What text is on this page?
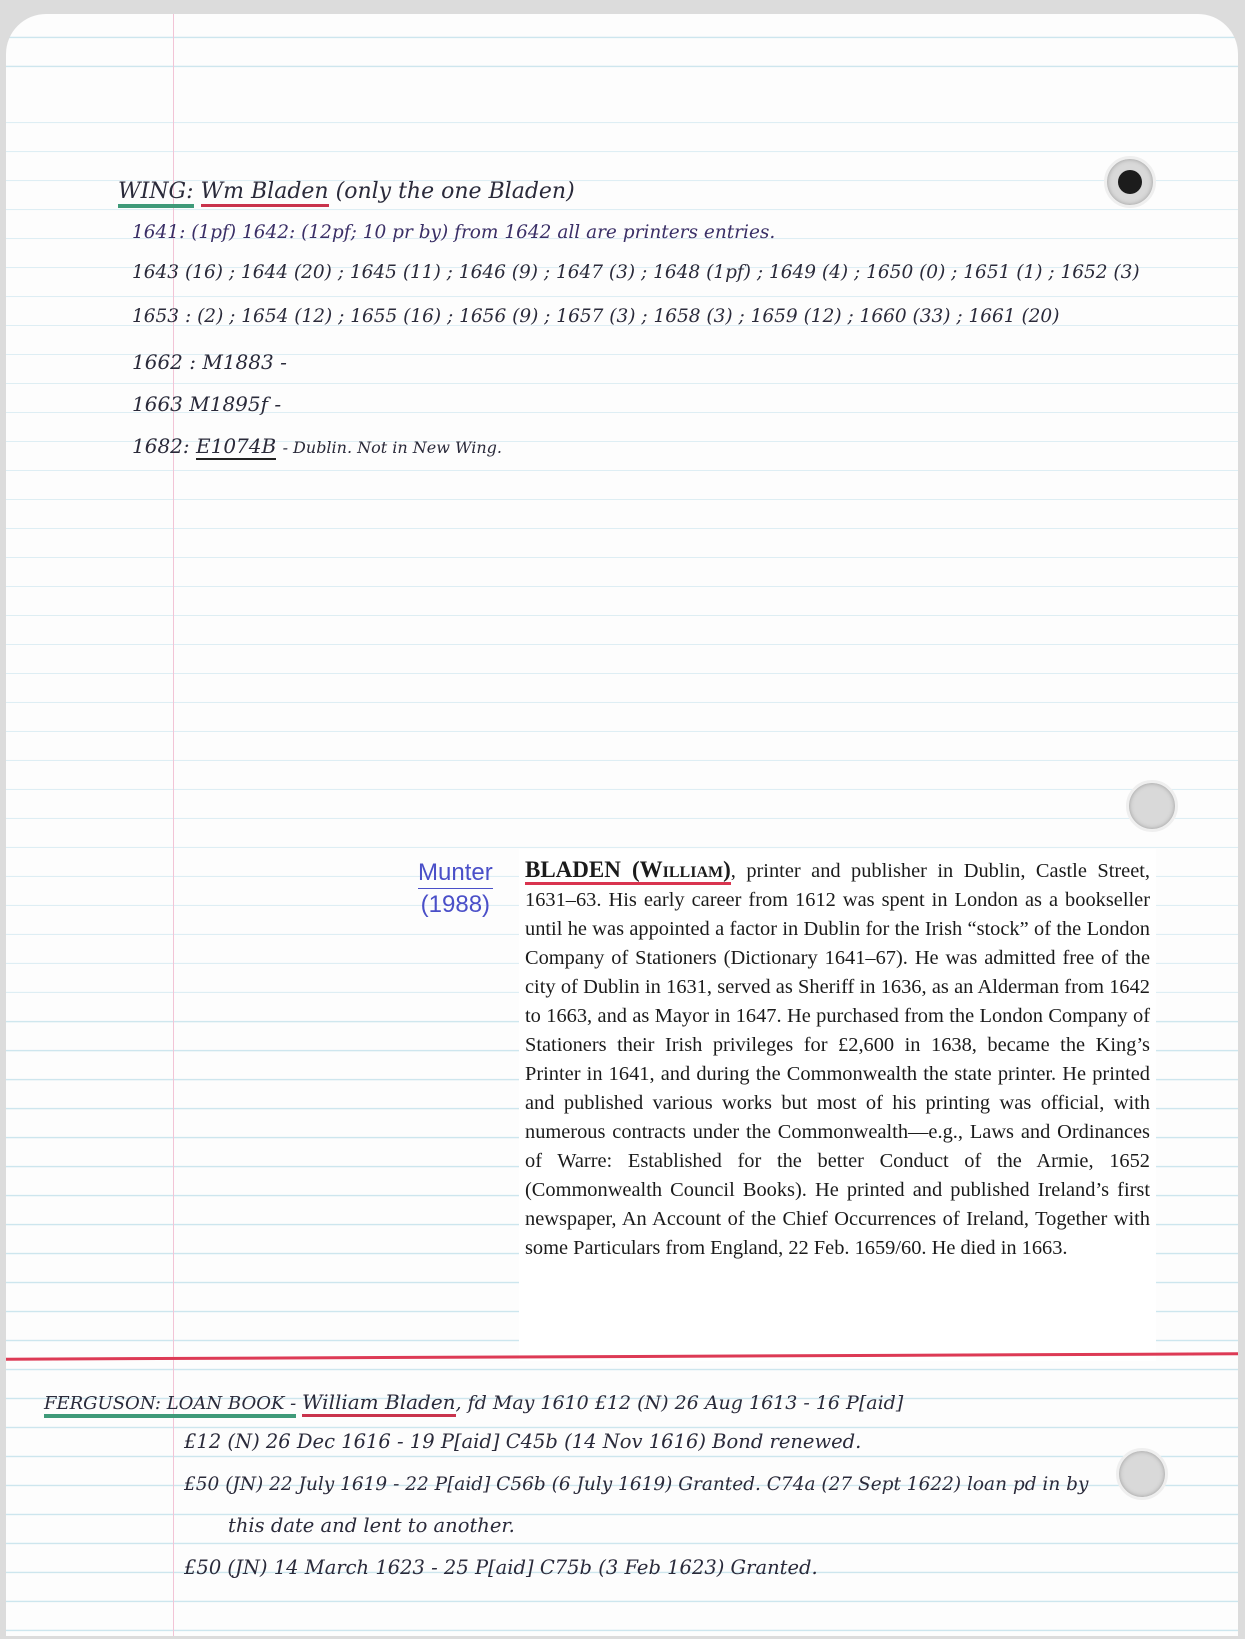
WING: Wm Bladen (only the one Bladen)
1641: (1pf) 1642: (12pf; 10 pr by) from 1642 all are printers entries.
1643 (16) ; 1644 (20) ; 1645 (11) ; 1646 (9) ; 1647 (3) ; 1648 (1pf) ; 1649 (4) ; 1650 (0) ; 1651 (1) ; 1652 (3)
1653 : (2) ; 1654 (12) ; 1655 (16) ; 1656 (9) ; 1657 (3) ; 1658 (3) ; 1659 (12) ; 1660 (33) ; 1661 (20)
1662 : M1883 -
1663 M1895f -
1682: E1074B - Dublin. Not in New Wing.
Munter
(1988)
BLADEN (William), printer and publisher in Dublin, Castle Street, 1631–63. His early career from 1612 was spent in London as a bookseller until he was appointed a factor in Dublin for the Irish “stock” of the London Company of Stationers (Dictionary 1641–67). He was admitted free of the city of Dublin in 1631, served as Sheriff in 1636, as an Alderman from 1642 to 1663, and as Mayor in 1647. He purchased from the London Company of Stationers their Irish privileges for £2,600 in 1638, became the King’s Printer in 1641, and during the Commonwealth the state printer. He printed and published various works but most of his printing was official, with numerous contracts under the Commonwealth—e.g., Laws and Ordinances of Warre: Established for the better Conduct of the Armie, 1652 (Commonwealth Council Books). He printed and published Ireland’s first newspaper, An Account of the Chief Occurrences of Ireland, Together with some Particulars from England, 22 Feb. 1659/60. He died in 1663.
FERGUSON: LOAN BOOK - William Bladen, fd May 1610 £12 (N) 26 Aug 1613 - 16 P[aid]
£12 (N) 26 Dec 1616 - 19 P[aid] C45b (14 Nov 1616) Bond renewed.
£50 (JN) 22 July 1619 - 22 P[aid] C56b (6 July 1619) Granted. C74a (27 Sept 1622) loan pd in by
this date and lent to another.
£50 (JN) 14 March 1623 - 25 P[aid] C75b (3 Feb 1623) Granted.
